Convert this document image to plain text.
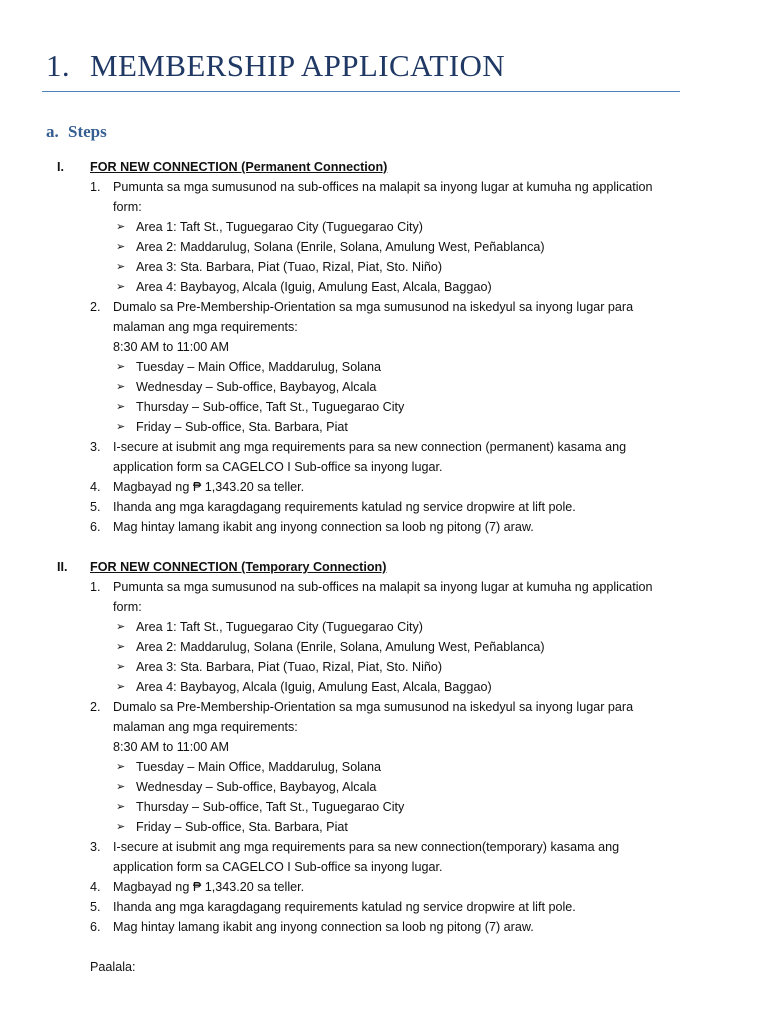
1. MEMBERSHIP APPLICATION
a. Steps
I. FOR NEW CONNECTION (Permanent Connection)
1. Pumunta sa mga sumusunod na sub-offices na malapit sa inyong lugar at kumuha ng application
form:
➢ Area 1: Taft St., Tuguegarao City (Tuguegarao City)
➢ Area 2: Maddarulug, Solana (Enrile, Solana, Amulung West, Peñablanca)
➢ Area 3: Sta. Barbara, Piat (Tuao, Rizal, Piat, Sto. Niño)
➢ Area 4: Baybayog, Alcala (Iguig, Amulung East, Alcala, Baggao)
2. Dumalo sa Pre-Membership-Orientation sa mga sumusunod na iskedyul sa inyong lugar para
malaman ang mga requirements:
8:30 AM to 11:00 AM
➢ Tuesday – Main Office, Maddarulug, Solana
➢ Wednesday – Sub-office, Baybayog, Alcala
➢ Thursday – Sub-office, Taft St., Tuguegarao City
➢ Friday – Sub-office, Sta. Barbara, Piat
3. I-secure at isubmit ang mga requirements para sa new connection (permanent) kasama ang
application form sa CAGELCO I Sub-office sa inyong lugar.
4. Magbayad ng ₱ 1,343.20 sa teller.
5. Ihanda ang mga karagdagang requirements katulad ng service dropwire at lift pole.
6. Mag hintay lamang ikabit ang inyong connection sa loob ng pitong (7) araw.
II. FOR NEW CONNECTION (Temporary Connection)
1. Pumunta sa mga sumusunod na sub-offices na malapit sa inyong lugar at kumuha ng application
form:
➢ Area 1: Taft St., Tuguegarao City (Tuguegarao City)
➢ Area 2: Maddarulug, Solana (Enrile, Solana, Amulung West, Peñablanca)
➢ Area 3: Sta. Barbara, Piat (Tuao, Rizal, Piat, Sto. Niño)
➢ Area 4: Baybayog, Alcala (Iguig, Amulung East, Alcala, Baggao)
2. Dumalo sa Pre-Membership-Orientation sa mga sumusunod na iskedyul sa inyong lugar para
malaman ang mga requirements:
8:30 AM to 11:00 AM
➢ Tuesday – Main Office, Maddarulug, Solana
➢ Wednesday – Sub-office, Baybayog, Alcala
➢ Thursday – Sub-office, Taft St., Tuguegarao City
➢ Friday – Sub-office, Sta. Barbara, Piat
3. I-secure at isubmit ang mga requirements para sa new connection(temporary) kasama ang
application form sa CAGELCO I Sub-office sa inyong lugar.
4. Magbayad ng ₱ 1,343.20 sa teller.
5. Ihanda ang mga karagdagang requirements katulad ng service dropwire at lift pole.
6. Mag hintay lamang ikabit ang inyong connection sa loob ng pitong (7) araw.
Paalala:
